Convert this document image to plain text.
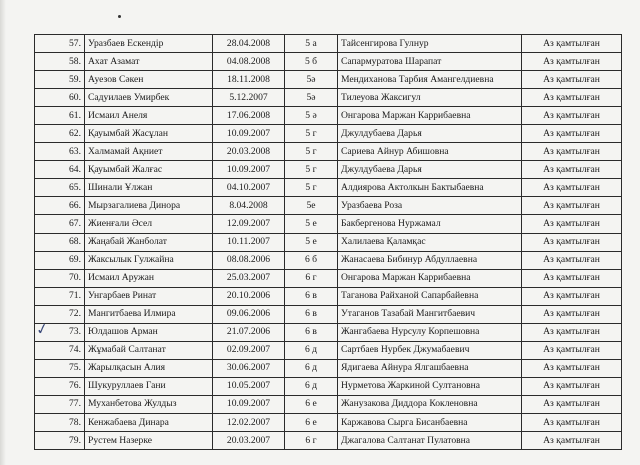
✓
57.	Уразбаев Ескендір	28.04.2008	5 а	Тайсенгирова Гулнур	Аз қамтылған
58.	Ахат Азамат	04.08.2008	5 б	Сапармуратова Шарапат	Аз қамтылған
59.	Ауезов Сәкен	18.11.2008	5ә	Мендиханова Тарбия Амангелдиевна	Аз қамтылған
60.	Садуилаев Умирбек	5.12.2007	5ә	Тилеуова Жаксигул	Аз қамтылған
61.	Исмаил Анеля	17.06.2008	5 ә	Онгарова Маржан Каррибаевна	Аз қамтылған
62.	Қауымбай Жасұлан	10.09.2007	5 г	Джулдубаева Дарья	Аз қамтылған
63.	Халмамай Ақниет	20.03.2008	5 г	Сариева Айнур Абишовна	Аз қамтылған
64.	Қауымбай Жалғас	10.09.2007	5 г	Джулдубаева Дарья	Аз қамтылған
65.	Шинали Ұлжан	04.10.2007	5 г	Алдиярова Актолкын Бактыбаевна	Аз қамтылған
66.	Мырзагалиева Динора	8.04.2008	5е	Уразбаева Роза	Аз қамтылған
67.	Жиенғали Әсел	12.09.2007	5 е	Бакбергенова Нуржамал	Аз қамтылған
68.	Жаңабай Жанболат	10.11.2007	5 е	Халилаева Қаламқас	Аз қамтылған
69.	Жаксылык Гулжайна	08.08.2006	6 б	Жанасаева Бибинур Абдуллаевна	Аз қамтылған
70.	Исмаил Аружан	25.03.2007	6 г	Онгарова Маржан Каррибаевна	Аз қамтылған
71.	Унгарбаев Ринат	20.10.2006	6 в	Таганова Райханой Сапарбайевна	Аз қамтылған
72.	Мангитбаева Илмира	09.06.2006	6 в	Утаганов Тазабай Мангитбаевич	Аз қамтылған
73.	Юлдашов Арман	21.07.2006	6 в	Жангабаева Нурсулу Корпешовна	Аз қамтылған
74.	Жұмабай Салтанат	02.09.2007	6 д	Сартбаев Нурбек Джумабаевич	Аз қамтылған
75.	Жарылқасын Алия	30.06.2007	6 д	Ядигаева Айнура Ялгашбаевна	Аз қамтылған
76.	Шукуруллаев Гани	10.05.2007	6 д	Нурметова Жаркиной Султановна	Аз қамтылған
77.	Муханбетова Жулдыз	10.09.2007	6 е	Жанузакова Диддора Кокленовна	Аз қамтылған
78.	Кенжабаева Динара	12.02.2007	6 е	Каржавова Сырга Бисанбаевна	Аз қамтылған
79.	Рустем Назерке	20.03.2007	6 г	Джагалова Салтанат Пулатовна	Аз қамтылған
